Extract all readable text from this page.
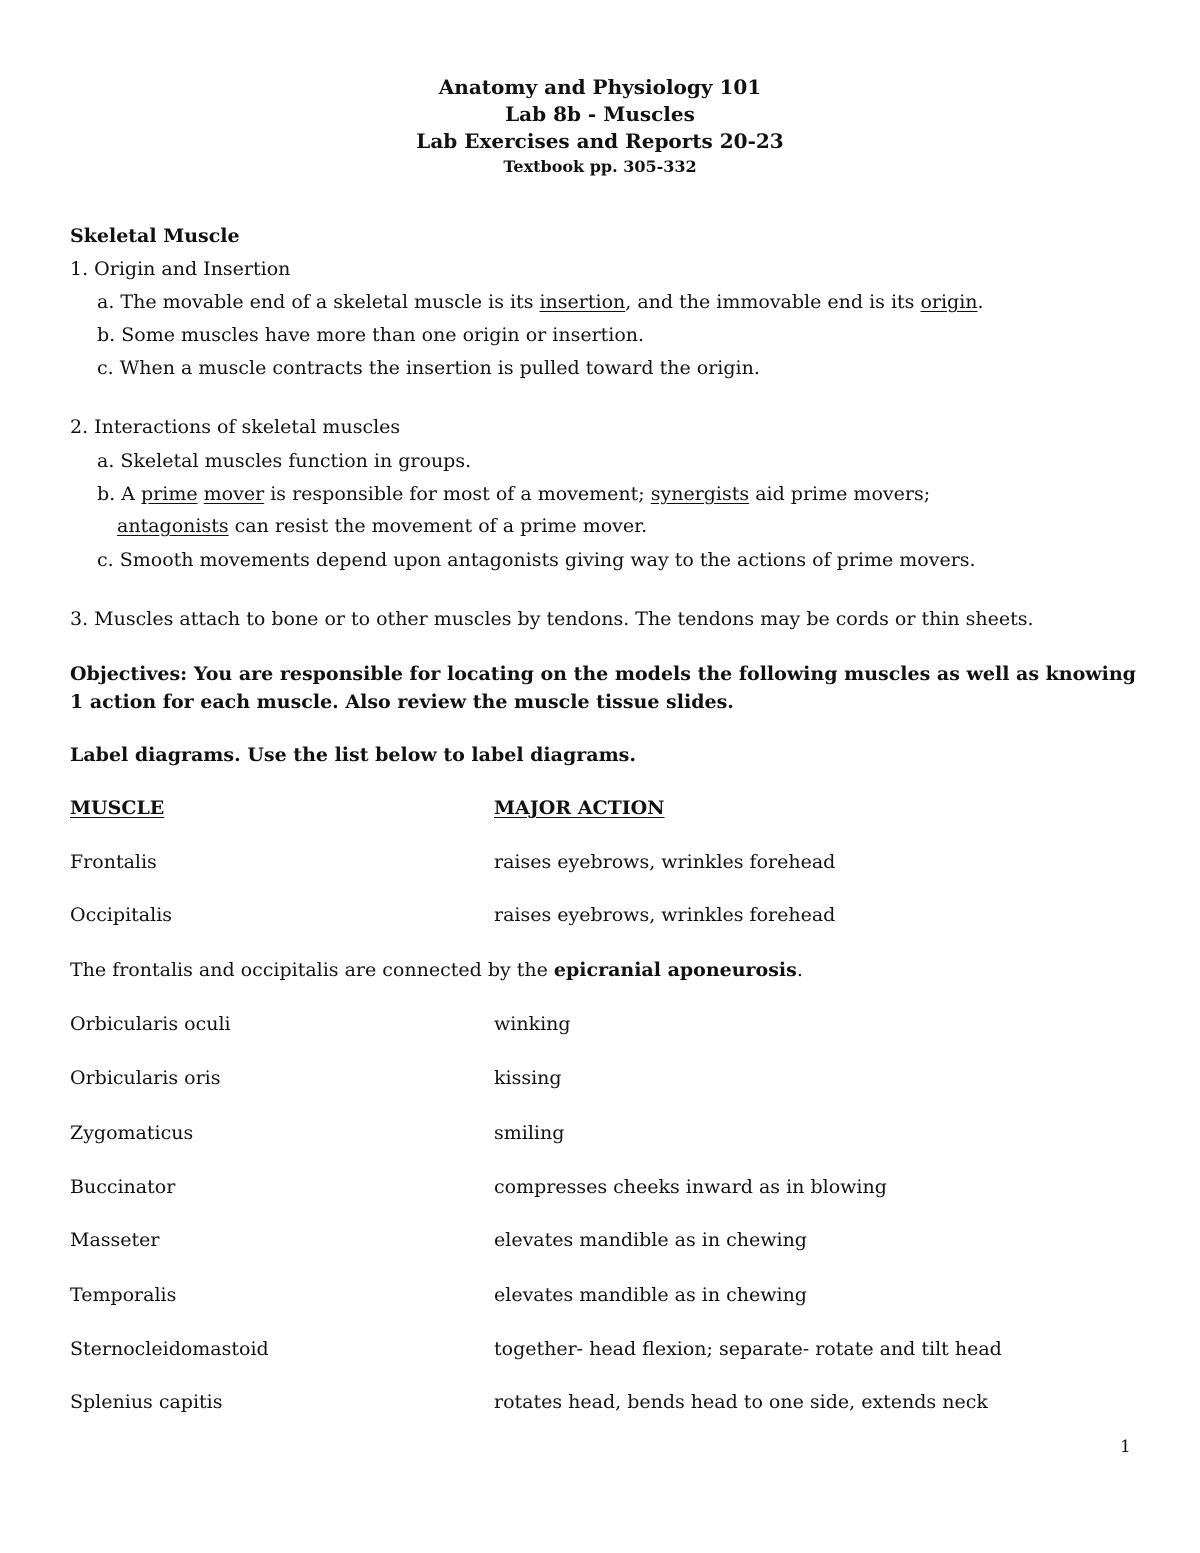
Anatomy and Physiology 101
Lab 8b - Muscles
Lab Exercises and Reports 20-23
Textbook pp. 305-332
Skeletal Muscle
1. Origin and Insertion
a. The movable end of a skeletal muscle is its insertion, and the immovable end is its origin.
b. Some muscles have more than one origin or insertion.
c. When a muscle contracts the insertion is pulled toward the origin.
2. Interactions of skeletal muscles
a. Skeletal muscles function in groups.
b. A prime mover is responsible for most of a movement; synergists aid prime movers;
antagonists can resist the movement of a prime mover.
c. Smooth movements depend upon antagonists giving way to the actions of prime movers.
3. Muscles attach to bone or to other muscles by tendons. The tendons may be cords or thin sheets.
Objectives: You are responsible for locating on the models the following muscles as well as knowing 1 action for each muscle. Also review the muscle tissue slides.
Label diagrams. Use the list below to label diagrams.
MUSCLE	MAJOR ACTION
Frontalis	raises eyebrows, wrinkles forehead
Occipitalis	raises eyebrows, wrinkles forehead
The frontalis and occipitalis are connected by the epicranial aponeurosis.
Orbicularis oculi	winking
Orbicularis oris	kissing
Zygomaticus	smiling
Buccinator	compresses cheeks inward as in blowing
Masseter	elevates mandible as in chewing
Temporalis	elevates mandible as in chewing
Sternocleidomastoid	together- head flexion; separate- rotate and tilt head
Splenius capitis	rotates head, bends head to one side, extends neck
1
